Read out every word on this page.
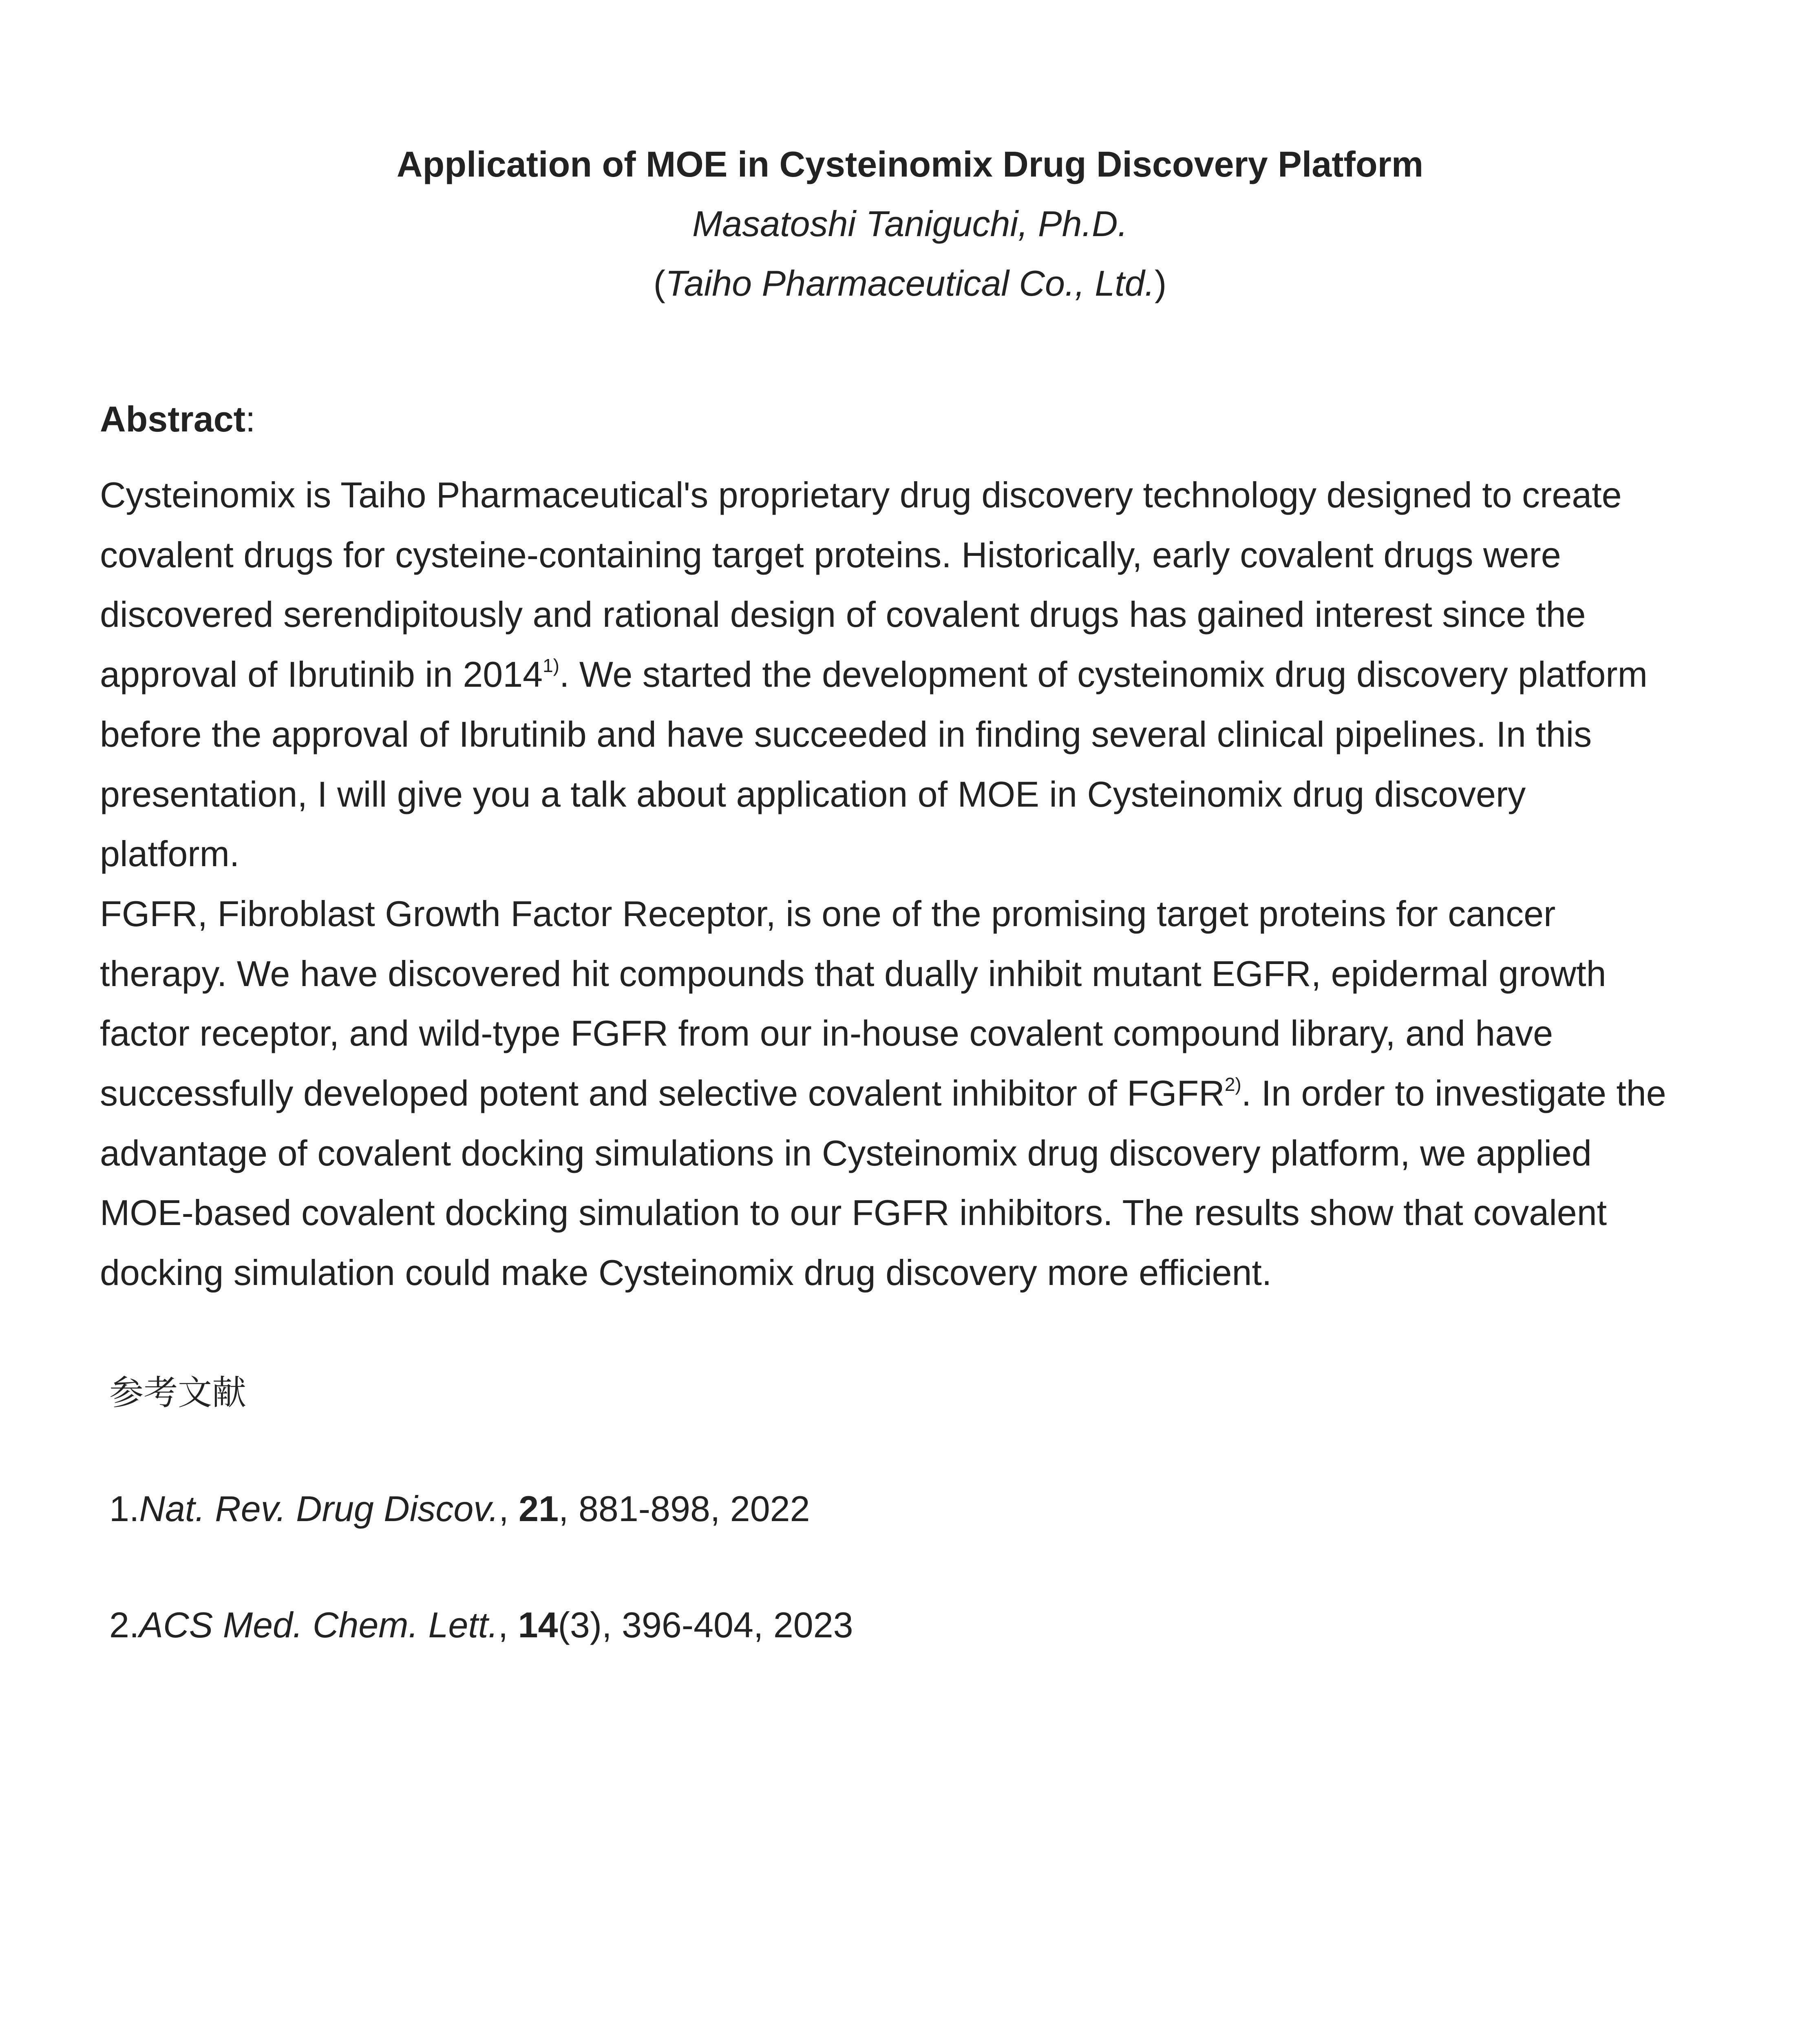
Application of MOE in Cysteinomix Drug Discovery Platform

Masatoshi Taniguchi, Ph.D.

(Taiho Pharmaceutical Co., Ltd.)

Abstract:

Cysteinomix is Taiho Pharmaceutical's proprietary drug discovery technology designed to create
covalent drugs for cysteine-containing target proteins. Historically, early covalent drugs were
discovered serendipitously and rational design of covalent drugs has gained interest since the
approval of Ibrutinib in 2014$^{1)}$. We started the development of cysteinomix drug discovery platform
before the approval of Ibrutinib and have succeeded in finding several clinical pipelines. In this
presentation, I will give you a talk about application of MOE in Cysteinomix drug discovery
platform.

FGFR, Fibroblast Growth Factor Receptor, is one of the promising target proteins for cancer
therapy. We have discovered hit compounds that dually inhibit mutant EGFR, epidermal growth
factor receptor, and wild-type FGFR from our in-house covalent compound library, and have
successfully developed potent and selective covalent inhibitor of FGFR$^{2)}$. In order to investigate the
advantage of covalent docking simulations in Cysteinomix drug discovery platform, we applied
MOE-based covalent docking simulation to our FGFR inhibitors. The results show that covalent
docking simulation could make Cysteinomix drug discovery more efficient.

参考文献

1.Nat. Rev. Drug Discov., 21, 881-898, 2022

2.ACS Med. Chem. Lett., 14(3), 396-404, 2023
